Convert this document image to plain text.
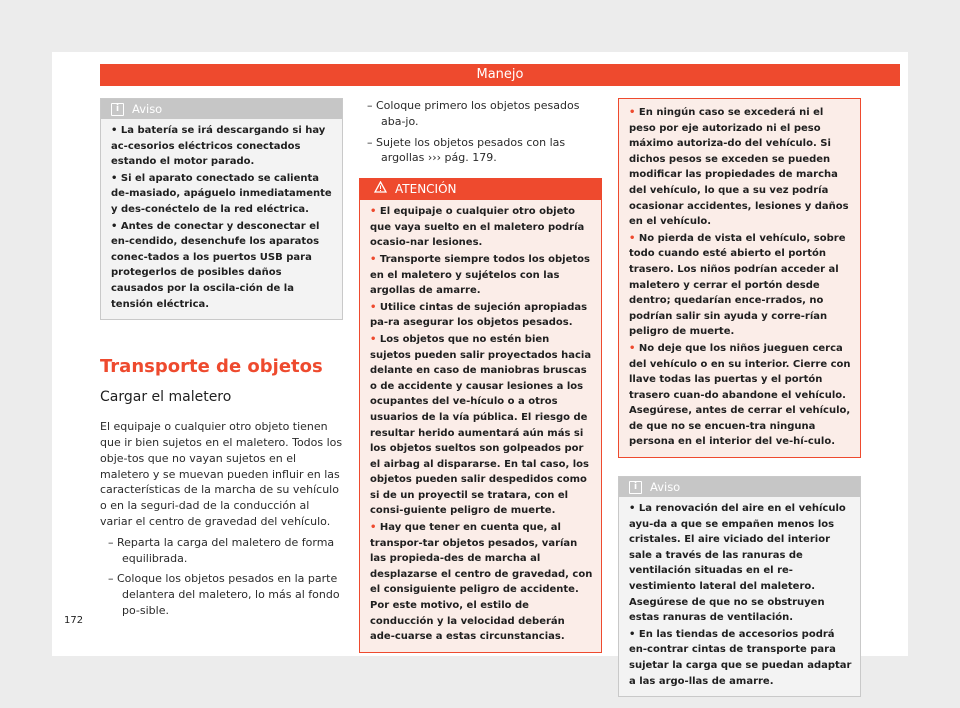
Manejo
i Aviso
• La batería se irá descargando si hay ac-cesorios eléctricos conectados estando el motor parado.
• Si el aparato conectado se calienta de-masiado, apáguelo inmediatamente y des-conéctelo de la red eléctrica.
• Antes de conectar y desconectar el en-cendido, desenchufe los aparatos conec-tados a los puertos USB para protegerlos de posibles daños causados por la oscila-ción de la tensión eléctrica.
Transporte de objetos
Cargar el maletero
El equipaje o cualquier otro objeto tienen que ir bien sujetos en el maletero. Todos los obje-tos que no vayan sujetos en el maletero y se muevan pueden influir en las características de la marcha de su vehículo o en la seguri-dad de la conducción al variar el centro de gravedad del vehículo.
– Reparta la carga del maletero de forma equilibrada.
– Coloque los objetos pesados en la parte delantera del maletero, lo más al fondo po-sible.
– Coloque primero los objetos pesados aba-jo.
– Sujete los objetos pesados con las argollas ››› pág. 179.
ATENCIÓN
• El equipaje o cualquier otro objeto que vaya suelto en el maletero podría ocasio-nar lesiones.
• Transporte siempre todos los objetos en el maletero y sujételos con las argollas de amarre.
• Utilice cintas de sujeción apropiadas pa-ra asegurar los objetos pesados.
• Los objetos que no estén bien sujetos pueden salir proyectados hacia delante en caso de maniobras bruscas o de accidente y causar lesiones a los ocupantes del ve-hículo o a otros usuarios de la vía pública. El riesgo de resultar herido aumentará aún más si los objetos sueltos son golpeados por el airbag al dispararse. En tal caso, los objetos pueden salir despedidos como si de un proyectil se tratara, con el consi-guiente peligro de muerte.
• Hay que tener en cuenta que, al transpor-tar objetos pesados, varían las propieda-des de marcha al desplazarse el centro de gravedad, con el consiguiente peligro de accidente. Por este motivo, el estilo de conducción y la velocidad deberán ade-cuarse a estas circunstancias.
• En ningún caso se excederá ni el peso por eje autorizado ni el peso máximo autoriza-do del vehículo. Si dichos pesos se exceden se pueden modificar las propiedades de marcha del vehículo, lo que a su vez podría ocasionar accidentes, lesiones y daños en el vehículo.
• No pierda de vista el vehículo, sobre todo cuando esté abierto el portón trasero. Los niños podrían acceder al maletero y cerrar el portón desde dentro; quedarían ence-rrados, no podrían salir sin ayuda y corre-rían peligro de muerte.
• No deje que los niños jueguen cerca del vehículo o en su interior. Cierre con llave todas las puertas y el portón trasero cuan-do abandone el vehículo. Asegúrese, antes de cerrar el vehículo, de que no se encuen-tra ninguna persona en el interior del ve-hí-culo.
i Aviso
• La renovación del aire en el vehículo ayu-da a que se empañen menos los cristales. El aire viciado del interior sale a través de las ranuras de ventilación situadas en el re-vestimiento lateral del maletero. Asegúrese de que no se obstruyen estas ranuras de ventilación.
• En las tiendas de accesorios podrá en-contrar cintas de transporte para sujetar la carga que se puedan adaptar a las argo-llas de amarre.
172
